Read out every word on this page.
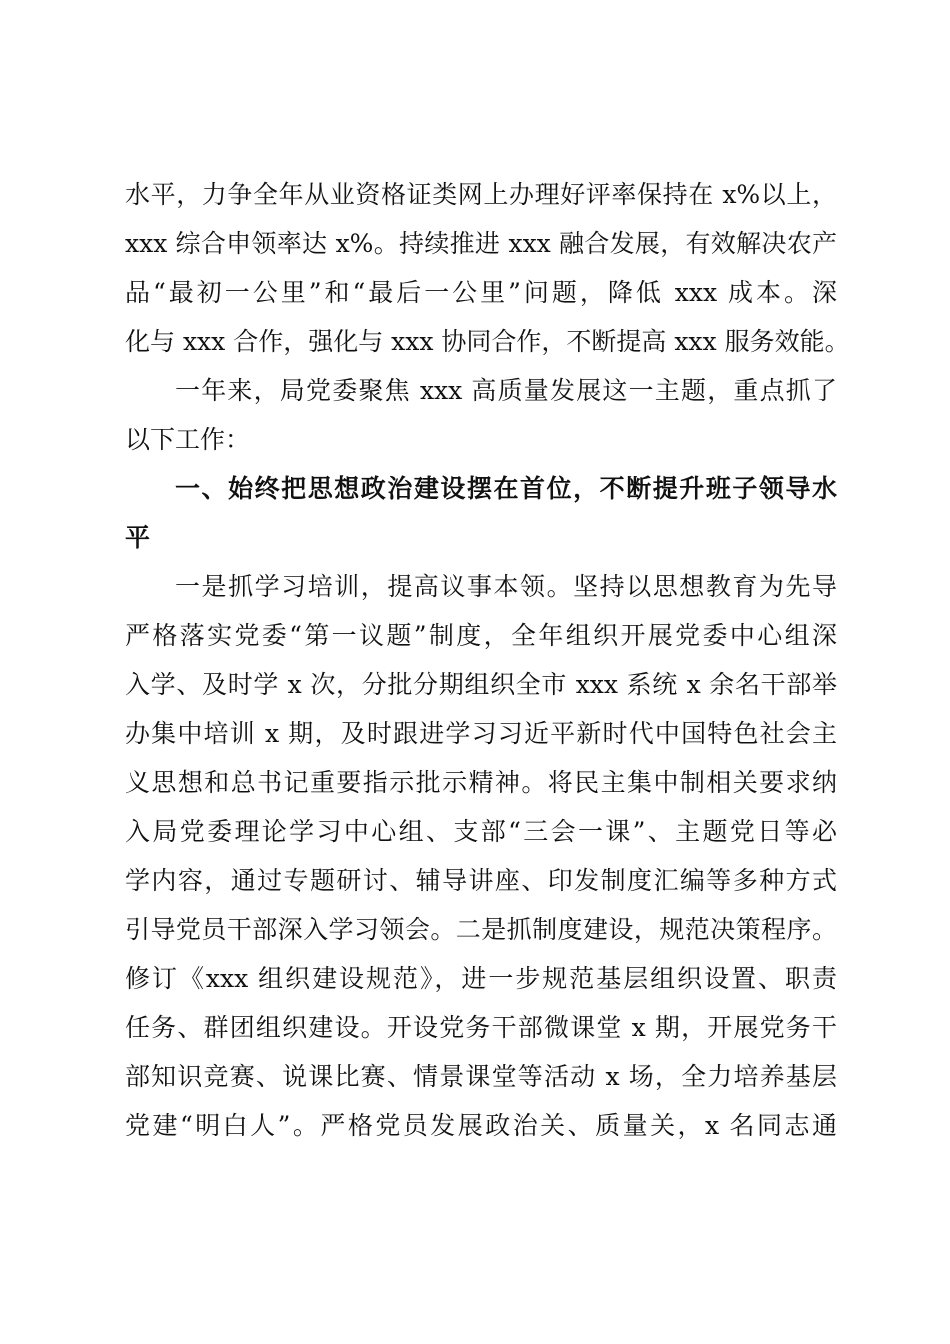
水平，力争全年从业资格证类网上办理好评率保持在 x%以上，
xxx 综合申领率达 x%。持续推进 xxx 融合发展，有效解决农产
品“最初一公里”和“最后一公里”问题，降低 xxx 成本。深
化与 xxx 合作，强化与 xxx 协同合作，不断提高 xxx 服务效能。
一年来，局党委聚焦 xxx 高质量发展这一主题，重点抓了
以下工作：
一、始终把思想政治建设摆在首位，不断提升班子领导水
平
一是抓学习培训，提高议事本领。坚持以思想教育为先导
严格落实党委“第一议题”制度，全年组织开展党委中心组深
入学、及时学 x 次，分批分期组织全市 xxx 系统 x 余名干部举
办集中培训 x 期，及时跟进学习习近平新时代中国特色社会主
义思想和总书记重要指示批示精神。将民主集中制相关要求纳
入局党委理论学习中心组、支部“三会一课”、主题党日等必
学内容，通过专题研讨、辅导讲座、印发制度汇编等多种方式
引导党员干部深入学习领会。二是抓制度建设，规范决策程序。
修订《xxx 组织建设规范》，进一步规范基层组织设置、职责
任务、群团组织建设。开设党务干部微课堂 x 期，开展党务干
部知识竞赛、说课比赛、情景课堂等活动 x 场，全力培养基层
党建“明白人”。严格党员发展政治关、质量关，x 名同志通
